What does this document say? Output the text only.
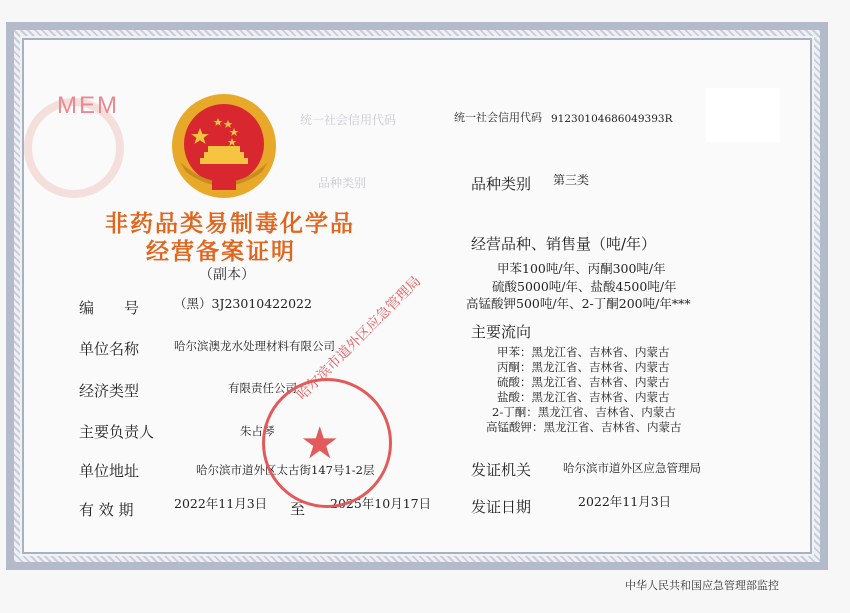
MEM
统一社会信用代码
品种类别
统一社会信用代码 91230104686049393R
非药品类易制毒化学品
经营备案证明
（副本）
编　　号	（黑）3J23010422022
单位名称	哈尔滨澳龙水处理材料有限公司
经济类型	有限责任公司
主要负责人	朱占琴
单位地址	哈尔滨市道外区太古街147号1-2层
有 效 期	2022年11月3日 至 2025年10月17日
品种类别 第三类
经营品种、销售量（吨/年）
甲苯100吨/年、丙酮300吨/年
硫酸5000吨/年、盐酸4500吨/年
高锰酸钾500吨/年、2-丁酮200吨/年***
主要流向
甲苯：黑龙江省、吉林省、内蒙古
丙酮：黑龙江省、吉林省、内蒙古
硫酸：黑龙江省、吉林省、内蒙古
盐酸：黑龙江省、吉林省、内蒙古
2-丁酮：黑龙江省、吉林省、内蒙古
高锰酸钾：黑龙江省、吉林省、内蒙古
发证机关	哈尔滨市道外区应急管理局
发证日期	2022年11月3日
★
哈尔滨市道外区应急管理局
中华人民共和国应急管理部监控
